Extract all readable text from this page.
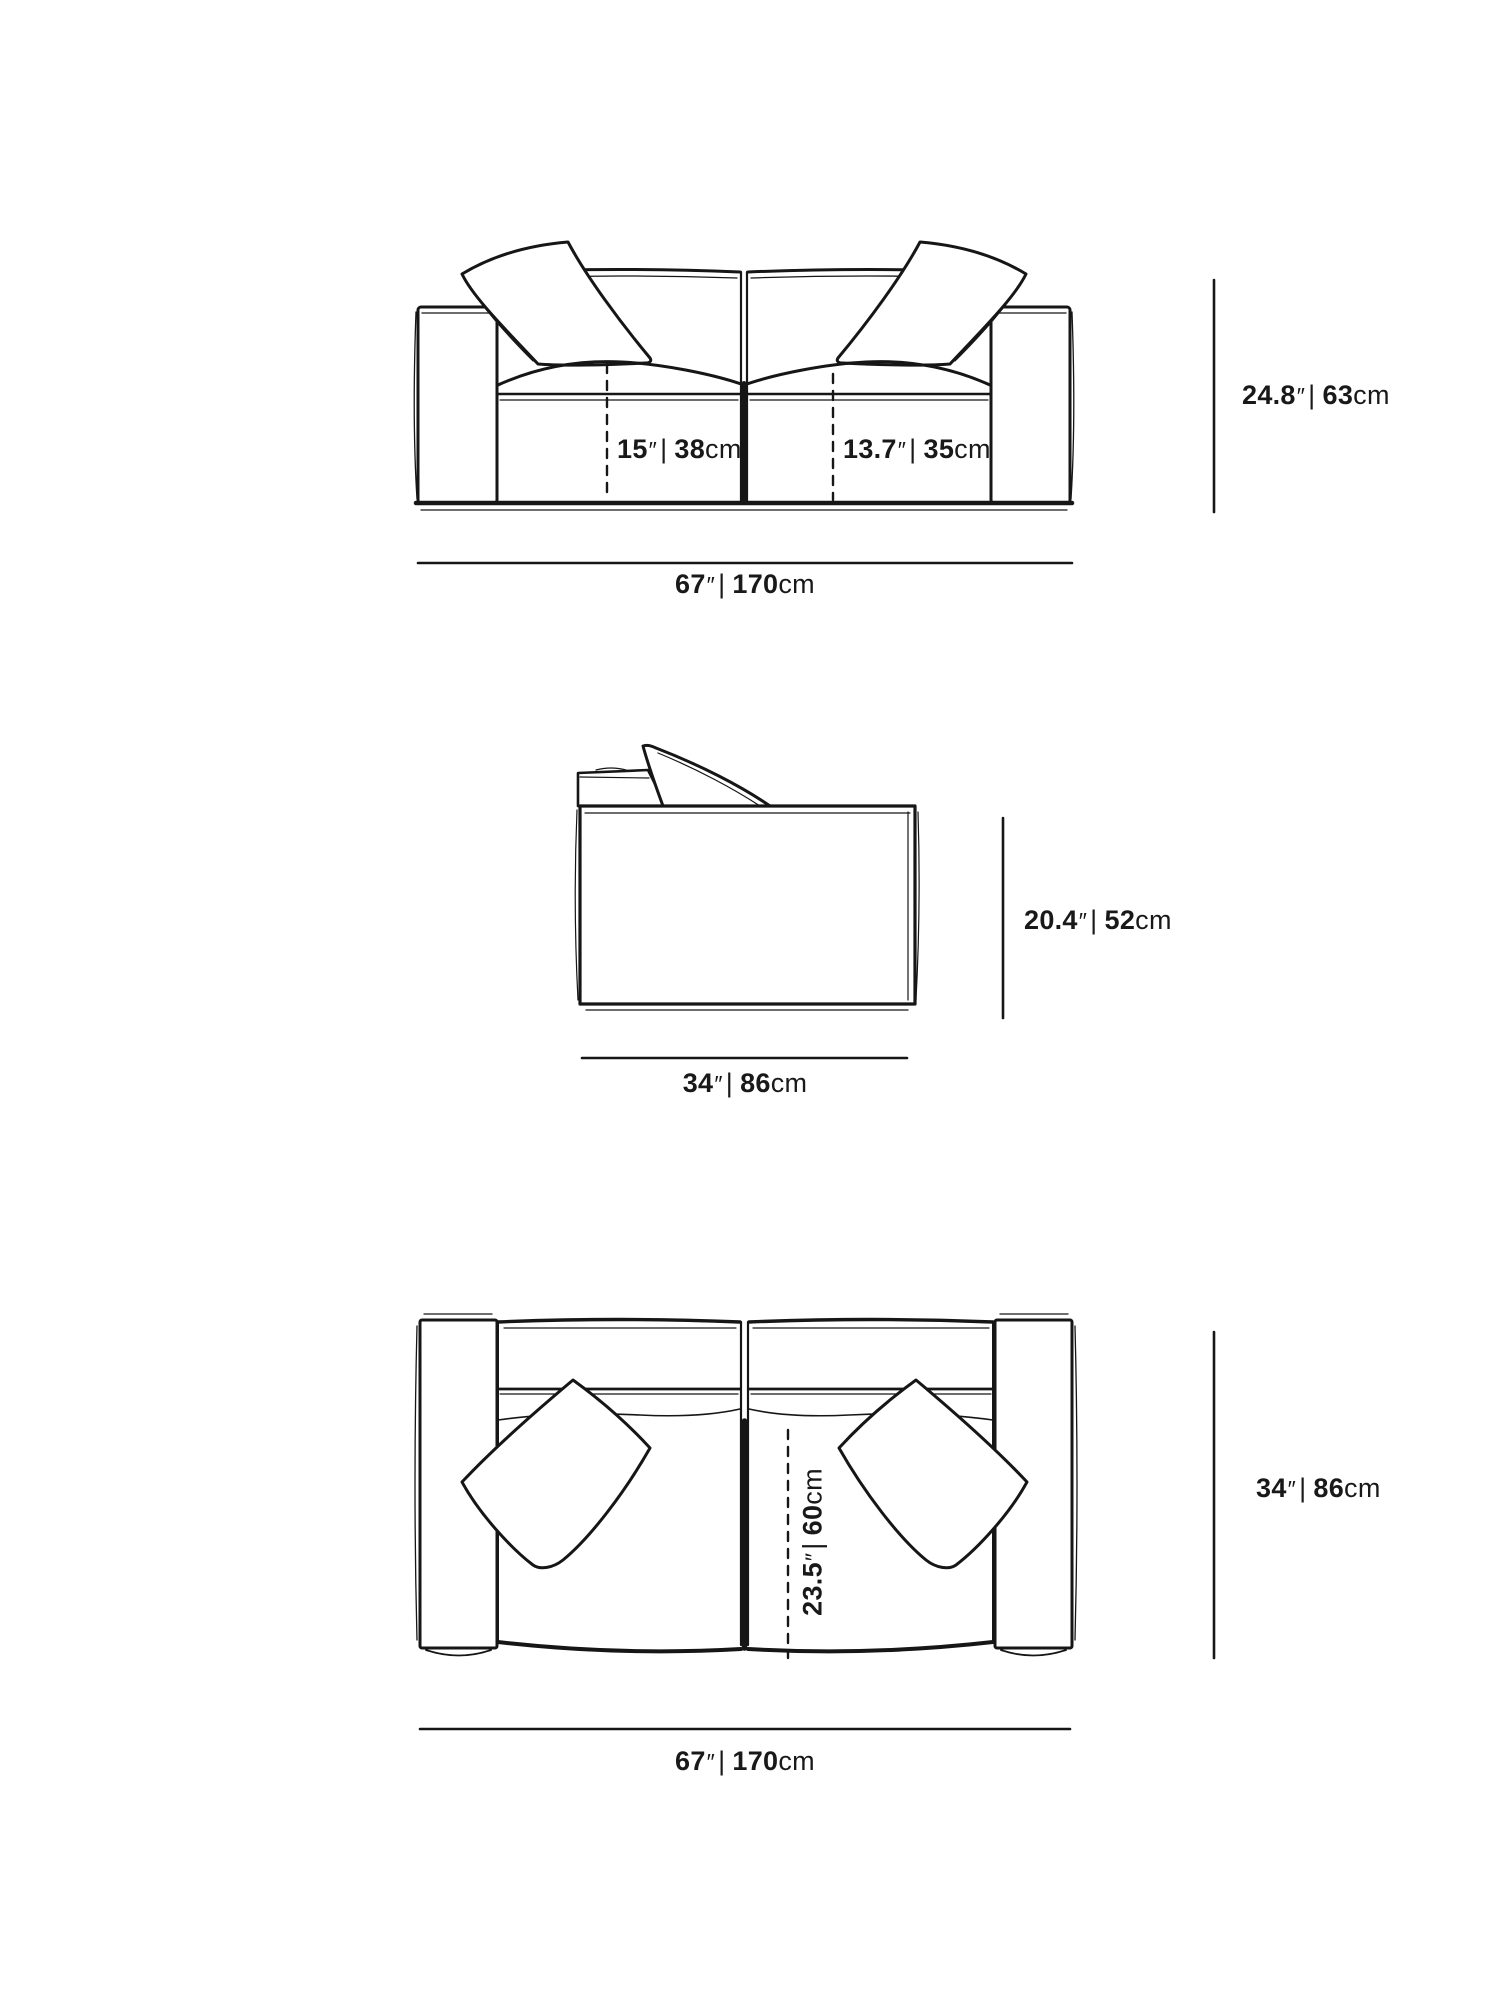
15″ | 38cm	13.7″ | 35cm
24.8″ | 63cm
67″ | 170cm
20.4″ | 52cm
34″ | 86cm
23.5″|60cm	34″ | 86cm
67″ | 170cm
